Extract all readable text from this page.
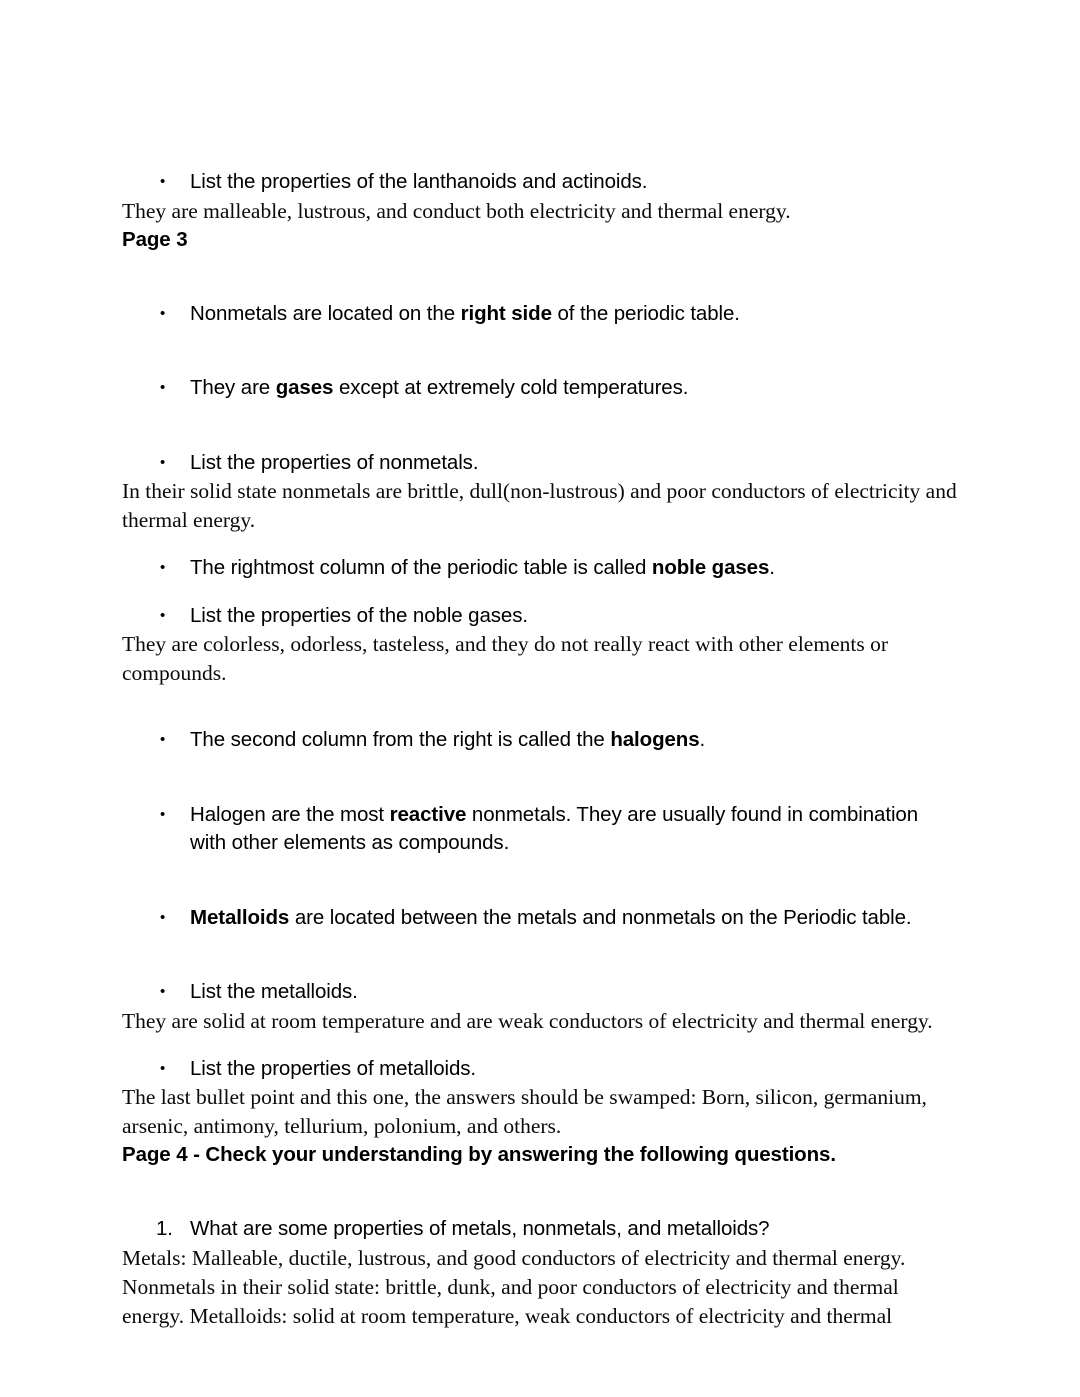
• List the properties of the lanthanoids and actinoids.

They are malleable, lustrous, and conduct both electricity and thermal energy.

Page 3

• Nonmetals are located on the right side of the periodic table.
• They are gases except at extremely cold temperatures.
• List the properties of nonmetals.

In their solid state nonmetals are brittle, dull(non-lustrous) and poor conductors of electricity and thermal energy.

• The rightmost column of the periodic table is called noble gases.
• List the properties of the noble gases.

They are colorless, odorless, tasteless, and they do not really react with other elements or compounds.

• The second column from the right is called the halogens.
• Halogen are the most reactive nonmetals. They are usually found in combination with other elements as compounds.
• Metalloids are located between the metals and nonmetals on the Periodic table.
• List the metalloids.

They are solid at room temperature and are weak conductors of electricity and thermal energy.

• List the properties of metalloids.

The last bullet point and this one, the answers should be swamped: Born, silicon, germanium, arsenic, antimony, tellurium, polonium, and others.

Page 4 - Check your understanding by answering the following questions.

1. What are some properties of metals, nonmetals, and metalloids?

Metals: Malleable, ductile, lustrous, and good conductors of electricity and thermal energy. Nonmetals in their solid state: brittle, dunk, and poor conductors of electricity and thermal energy. Metalloids: solid at room temperature, weak conductors of electricity and thermal
